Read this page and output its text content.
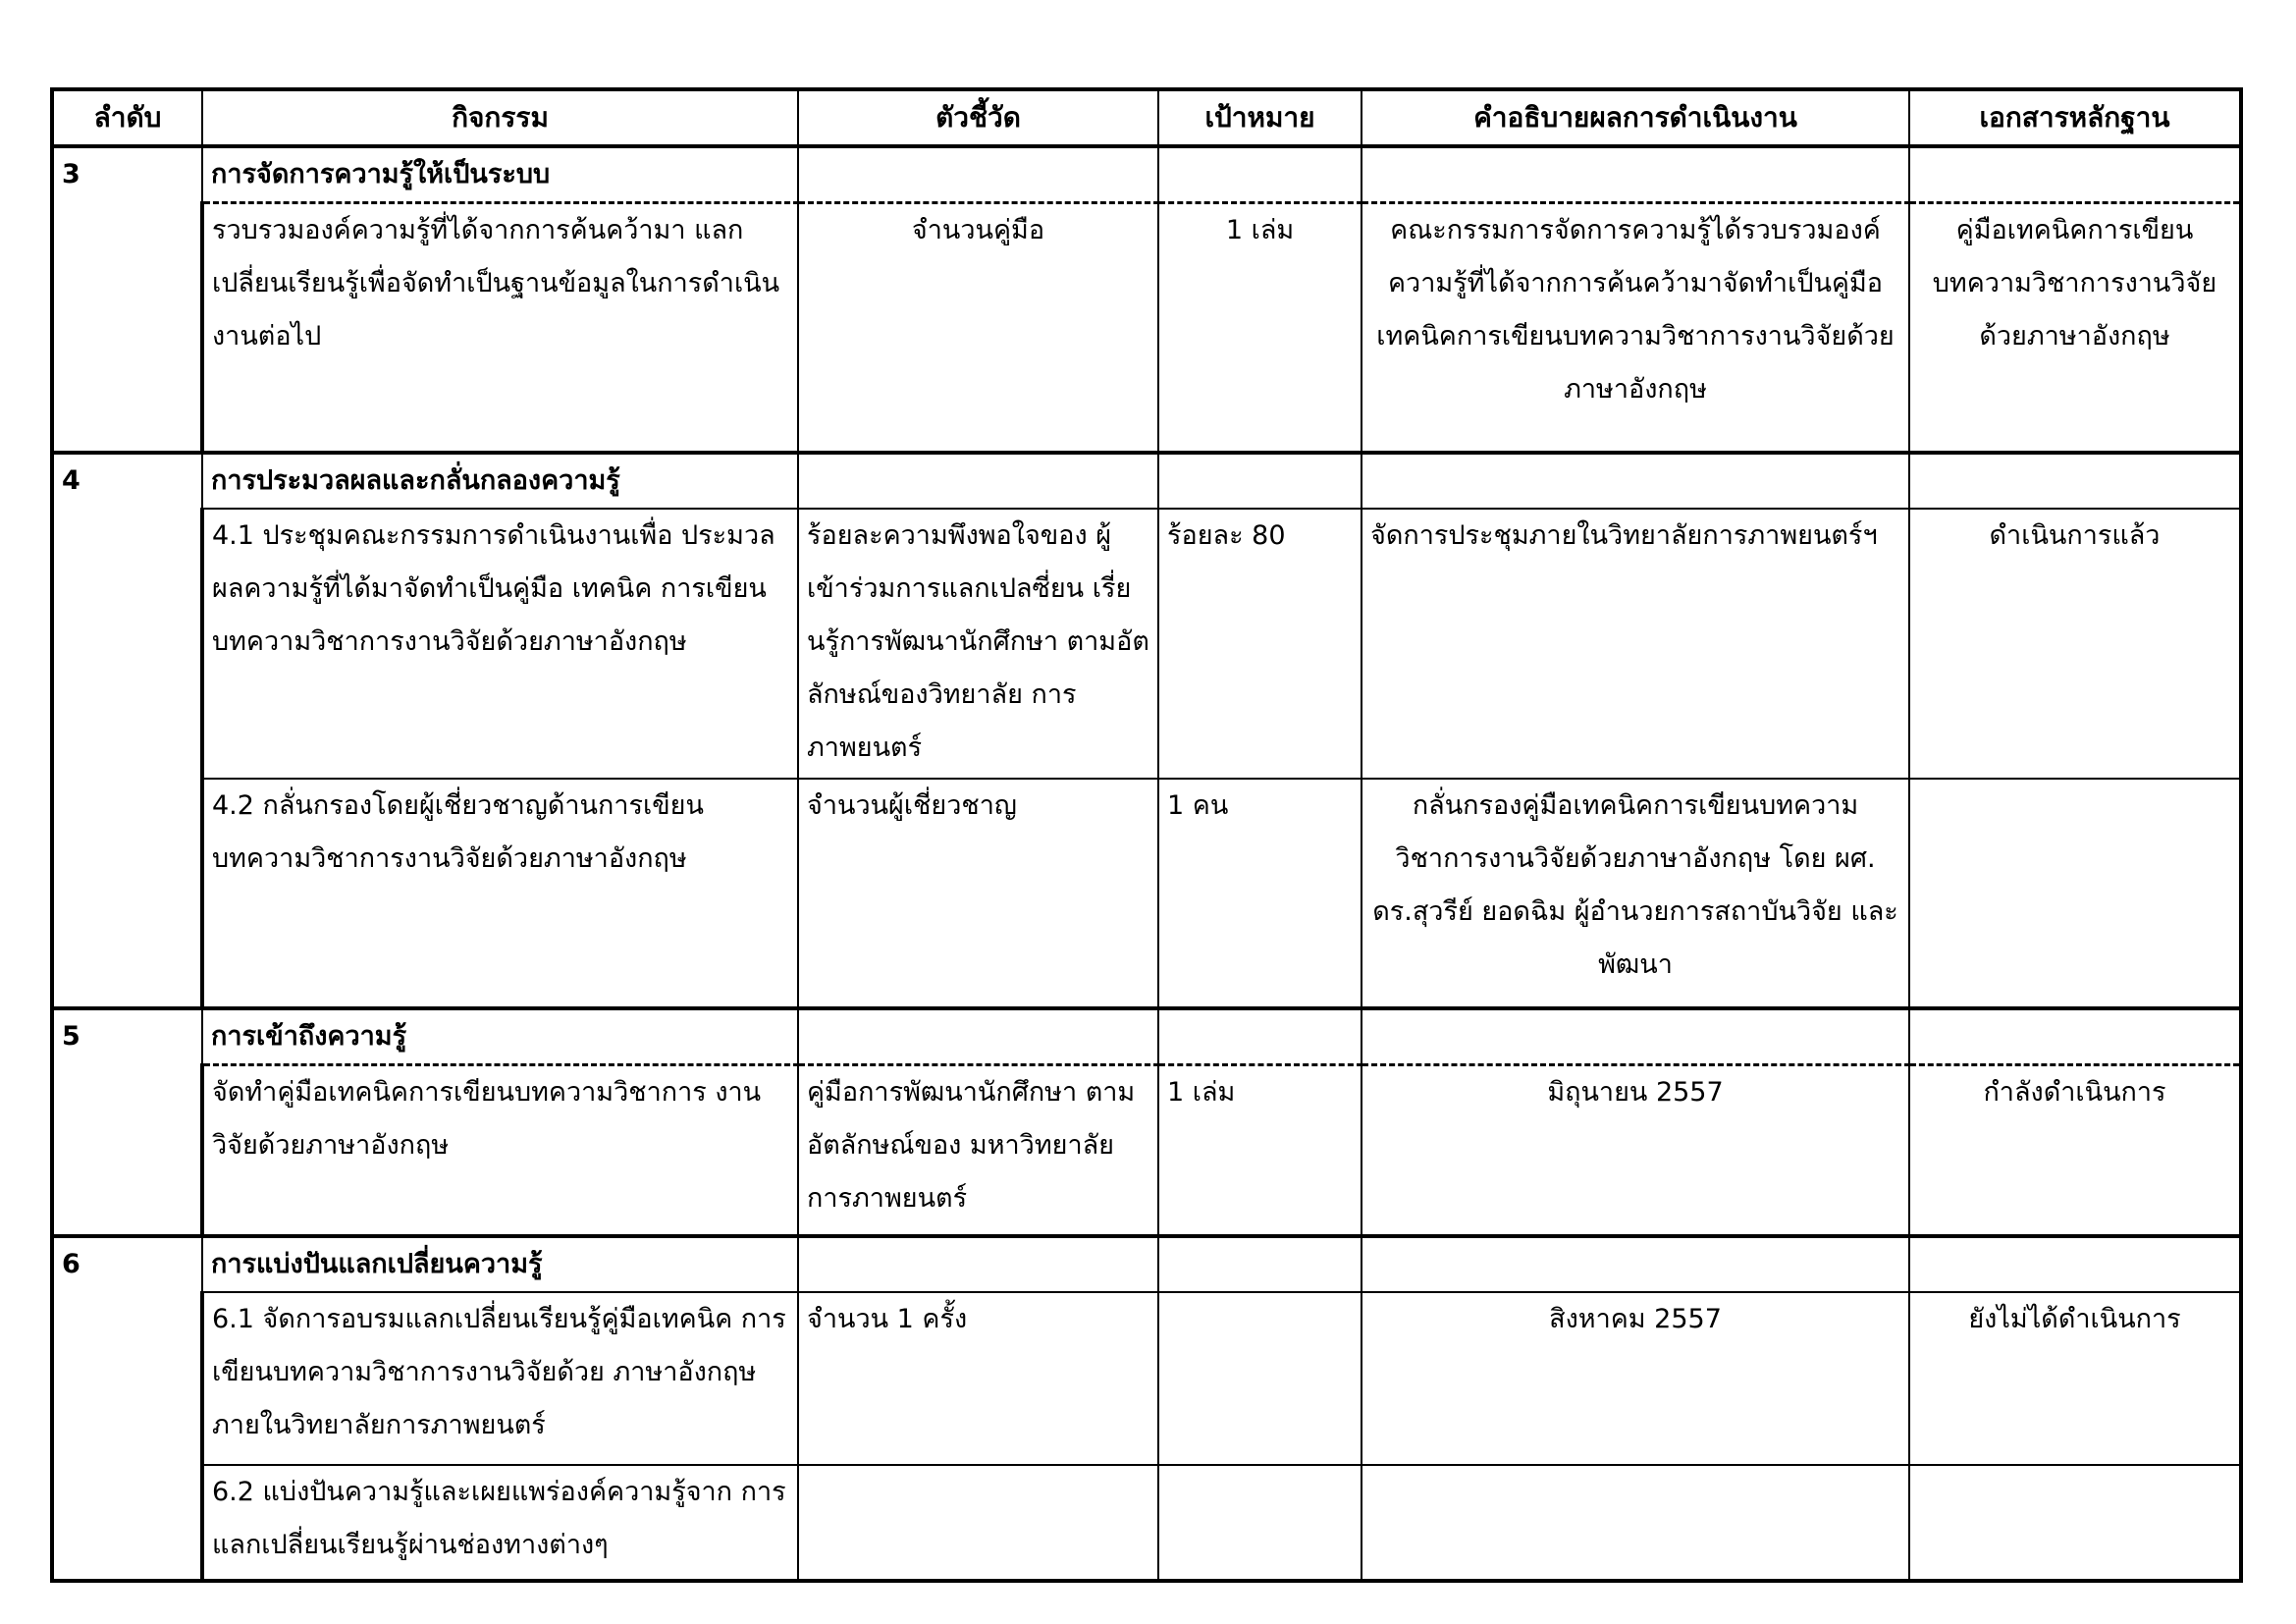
ลำดับ	กิจกรรม	ตัวชี้วัด	เป้าหมาย	คำอธิบายผลการดำเนินงาน	เอกสารหลักฐาน
3	การจัดการความรู้ให้เป็นระบบ				
	รวบรวมองค์ความรู้ที่ได้จากการค้นคว้ามา แลกเปลี่ยนเรียนรู้เพื่อจัดทำเป็นฐานข้อมูลในการดำเนินงานต่อไป	จำนวนคู่มือ	1 เล่ม	คณะกรรมการจัดการความรู้ได้รวบรวมองค์ ความรู้ที่ได้จากการค้นคว้ามาจัดทำเป็นคู่มือ เทคนิคการเขียนบทความวิชาการงานวิจัยด้วยภาษาอังกฤษ	คู่มือเทคนิคการเขียน บทความวิชาการงานวิจัย ด้วยภาษาอังกฤษ
4	การประมวลผลและกลั่นกลองความรู้				
	4.1 ประชุมคณะกรรมการดำเนินงานเพื่อ ประมวลผลความรู้ที่ได้มาจัดทำเป็นคู่มือ เทคนิค การเขียนบทความวิชาการงานวิจัยด้วยภาษาอังกฤษ	ร้อยละความพึงพอใจของ ผู้เข้าร่วมการแลกเปลซี่ยน เรี่ยนรู้การพัฒนานักศึกษา ตามอัตลักษณ์ของวิทยาลัย การภาพยนตร์	ร้อยละ 80	จัดการประชุมภายในวิทยาลัยการภาพยนตร์ฯ	ดำเนินการแล้ว
	4.2 กลั่นกรองโดยผู้เชี่ยวชาญด้านการเขียน บทความวิชาการงานวิจัยด้วยภาษาอังกฤษ	จำนวนผู้เชี่ยวชาญ	1 คน	กลั่นกรองคู่มือเทคนิคการเขียนบทความ วิชาการงานวิจัยด้วยภาษาอังกฤษ โดย ผศ. ดร.สุวรีย์ ยอดฉิม ผู้อำนวยการสถาบันวิจัย และพัฒนา	
5	การเข้าถึงความรู้				
	จัดทำคู่มือเทคนิคการเขียนบทความวิชาการ งานวิจัยด้วยภาษาอังกฤษ	คู่มือการพัฒนานักศึกษา ตามอัตลักษณ์ของ มหาวิทยาลัยการภาพยนตร์	1 เล่ม	มิถุนายน 2557	กำลังดำเนินการ
6	การแบ่งปันแลกเปลี่ยนความรู้				
	6.1 จัดการอบรมแลกเปลี่ยนเรียนรู้คู่มือเทคนิค การเขียนบทความวิชาการงานวิจัยด้วย ภาษาอังกฤษ ภายในวิทยาลัยการภาพยนตร์	จำนวน 1 ครั้ง		สิงหาคม 2557	ยังไม่ได้ดำเนินการ
	6.2 แบ่งปันความรู้และเผยแพร่องค์ความรู้จาก การแลกเปลี่ยนเรียนรู้ผ่านช่องทางต่างๆ				
